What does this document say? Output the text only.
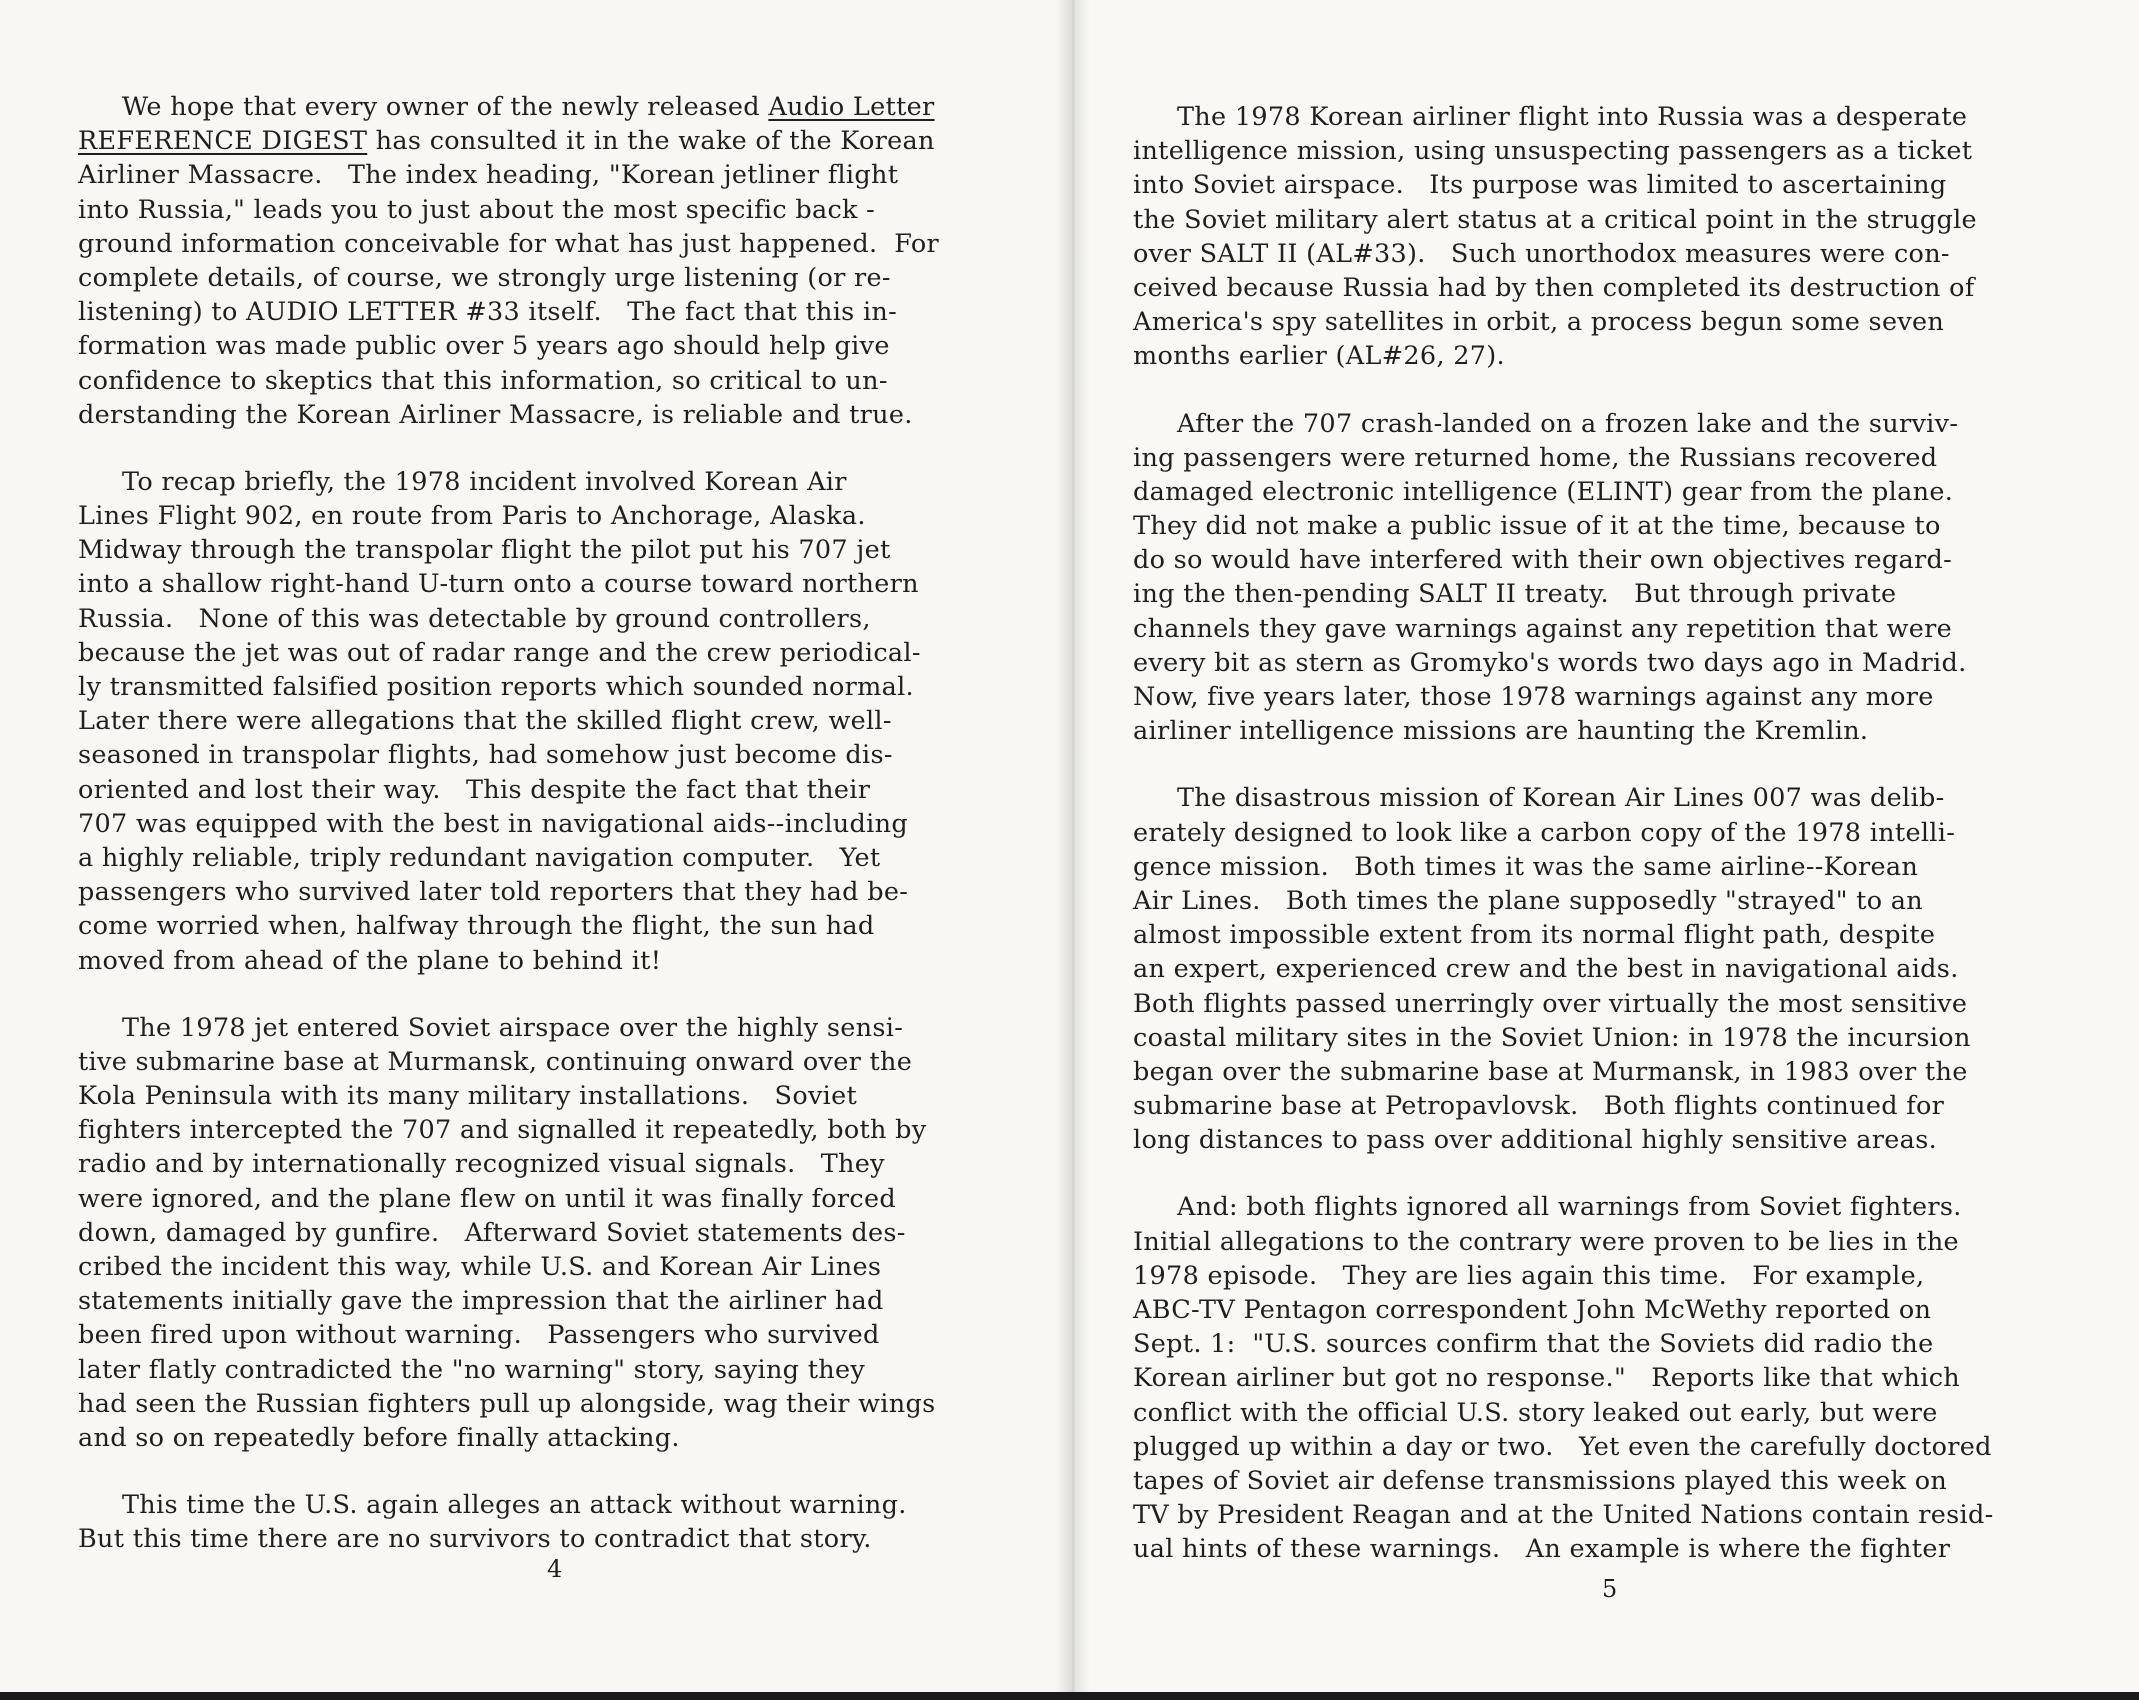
We hope that every owner of the newly released Audio Letter
REFERENCE DIGEST has consulted it in the wake of the Korean
Airliner Massacre.   The index heading, "Korean jetliner flight
into Russia," leads you to just about the most specific back -
ground information conceivable for what has just happened.  For
complete details, of course, we strongly urge listening (or re-
listening) to AUDIO LETTER #33 itself.   The fact that this in-
formation was made public over 5 years ago should help give
confidence to skeptics that this information, so critical to un-
derstanding the Korean Airliner Massacre, is reliable and true.
To recap briefly, the 1978 incident involved Korean Air
Lines Flight 902, en route from Paris to Anchorage, Alaska.
Midway through the transpolar flight the pilot put his 707 jet
into a shallow right-hand U-turn onto a course toward northern
Russia.   None of this was detectable by ground controllers,
because the jet was out of radar range and the crew periodical-
ly transmitted falsified position reports which sounded normal.
Later there were allegations that the skilled flight crew, well-
seasoned in transpolar flights, had somehow just become dis-
oriented and lost their way.   This despite the fact that their
707 was equipped with the best in navigational aids--including
a highly reliable, triply redundant navigation computer.   Yet
passengers who survived later told reporters that they had be-
come worried when, halfway through the flight, the sun had
moved from ahead of the plane to behind it!
The 1978 jet entered Soviet airspace over the highly sensi-
tive submarine base at Murmansk, continuing onward over the
Kola Peninsula with its many military installations.   Soviet
fighters intercepted the 707 and signalled it repeatedly, both by
radio and by internationally recognized visual signals.   They
were ignored, and the plane flew on until it was finally forced
down, damaged by gunfire.   Afterward Soviet statements des-
cribed the incident this way, while U.S. and Korean Air Lines
statements initially gave the impression that the airliner had
been fired upon without warning.   Passengers who survived
later flatly contradicted the "no warning" story, saying they
had seen the Russian fighters pull up alongside, wag their wings
and so on repeatedly before finally attacking.
This time the U.S. again alleges an attack without warning.
But this time there are no survivors to contradict that story.
The 1978 Korean airliner flight into Russia was a desperate
intelligence mission, using unsuspecting passengers as a ticket
into Soviet airspace.   Its purpose was limited to ascertaining
the Soviet military alert status at a critical point in the struggle
over SALT II (AL#33).   Such unorthodox measures were con-
ceived because Russia had by then completed its destruction of
America's spy satellites in orbit, a process begun some seven
months earlier (AL#26, 27).
After the 707 crash-landed on a frozen lake and the surviv-
ing passengers were returned home, the Russians recovered
damaged electronic intelligence (ELINT) gear from the plane.
They did not make a public issue of it at the time, because to
do so would have interfered with their own objectives regard-
ing the then-pending SALT II treaty.   But through private
channels they gave warnings against any repetition that were
every bit as stern as Gromyko's words two days ago in Madrid.
Now, five years later, those 1978 warnings against any more
airliner intelligence missions are haunting the Kremlin.
The disastrous mission of Korean Air Lines 007 was delib-
erately designed to look like a carbon copy of the 1978 intelli-
gence mission.   Both times it was the same airline--Korean
Air Lines.   Both times the plane supposedly "strayed" to an
almost impossible extent from its normal flight path, despite
an expert, experienced crew and the best in navigational aids.
Both flights passed unerringly over virtually the most sensitive
coastal military sites in the Soviet Union: in 1978 the incursion
began over the submarine base at Murmansk, in 1983 over the
submarine base at Petropavlovsk.   Both flights continued for
long distances to pass over additional highly sensitive areas.
And: both flights ignored all warnings from Soviet fighters.
Initial allegations to the contrary were proven to be lies in the
1978 episode.   They are lies again this time.   For example,
ABC-TV Pentagon correspondent John McWethy reported on
Sept. 1:  "U.S. sources confirm that the Soviets did radio the
Korean airliner but got no response."   Reports like that which
conflict with the official U.S. story leaked out early, but were
plugged up within a day or two.   Yet even the carefully doctored
tapes of Soviet air defense transmissions played this week on
TV by President Reagan and at the United Nations contain resid-
ual hints of these warnings.   An example is where the fighter
4
5
